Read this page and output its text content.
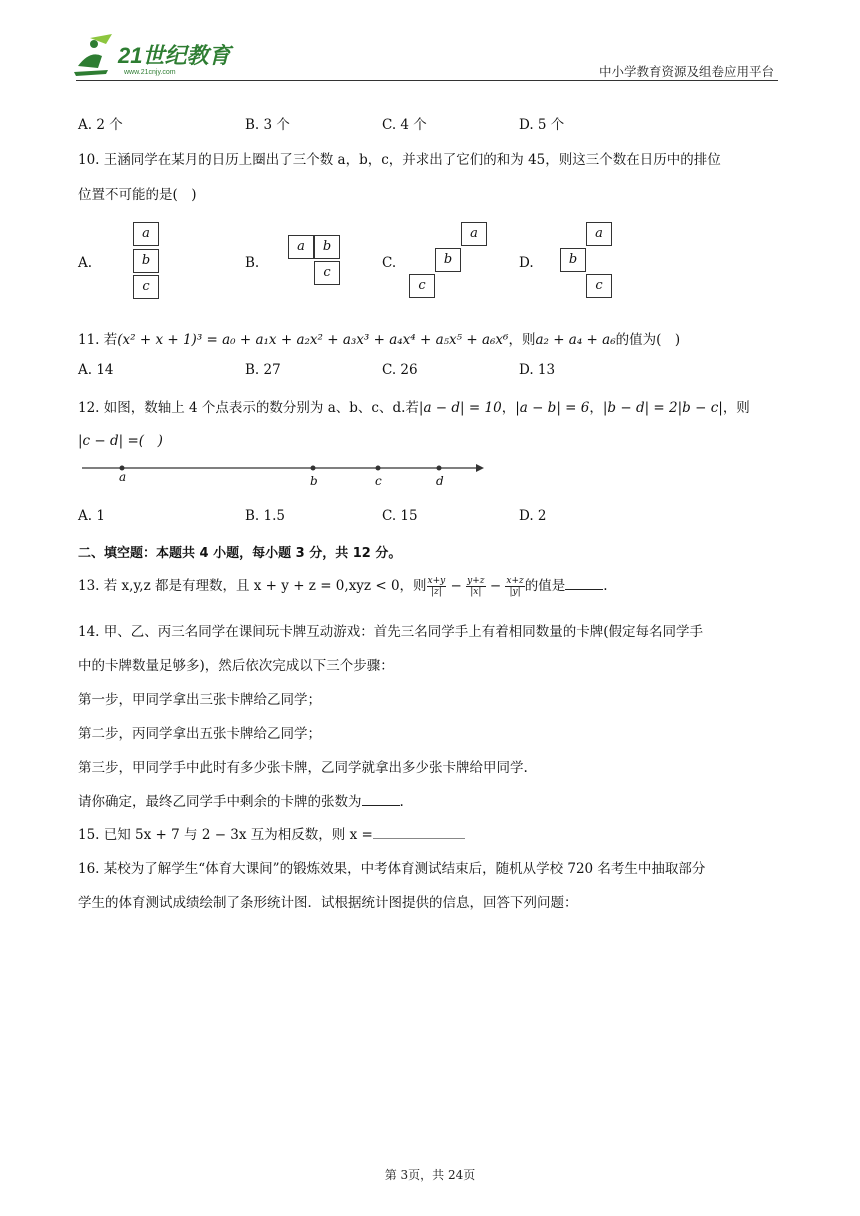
21世纪教育
www.21cnjy.com	中小学教育资源及组卷应用平台
A. 2 个	B. 3 个	C. 4 个	D. 5 个
10. 王涵同学在某月的日历上圈出了三个数 a，b，c，并求出了它们的和为 45，则这三个数在日历中的排位
位置不可能的是(　)
A.
a
b
c
B.
a	b
c
C.
a
b
c
D.
a
b
c
11. 若(x² + x + 1)³ = a₀ + a₁x + a₂x² + a₃x³ + a₄x⁴ + a₅x⁵ + a₆x⁶，则a₂ + a₄ + a₆的值为(　)
A. 14	B. 27	C. 26	D. 13
12. 如图，数轴上 4 个点表示的数分别为 a、b、c、d.若|a − d| = 10，|a − b| = 6，|b − d| = 2|b − c|，则
|c − d| =(　)
a	b	c	d
A. 1	B. 1.5	C. 15	D. 2
二、填空题：本题共 4 小题，每小题 3 分，共 12 分。
13. 若 x,y,z 都是有理数，且 x + y + z = 0,xyz < 0，则 $\frac{x+y}{|z|} - \frac{y+z}{|x|} - \frac{x+z}{|y|}$ 的值是	.
14. 甲、乙、丙三名同学在课间玩卡牌互动游戏：首先三名同学手上有着相同数量的卡牌(假定每名同学手
中的卡牌数量足够多)，然后依次完成以下三个步骤：
第一步，甲同学拿出三张卡牌给乙同学；
第二步，丙同学拿出五张卡牌给乙同学；
第三步，甲同学手中此时有多少张卡牌，乙同学就拿出多少张卡牌给甲同学.
请你确定，最终乙同学手中剩余的卡牌的张数为	.
15. 已知 5x + 7 与 2 − 3x 互为相反数，则 x =
16. 某校为了解学生“体育大课间”的锻炼效果，中考体育测试结束后，随机从学校 720 名考生中抽取部分
学生的体育测试成绩绘制了条形统计图．试根据统计图提供的信息，回答下列问题：
第 3页，共 24页
